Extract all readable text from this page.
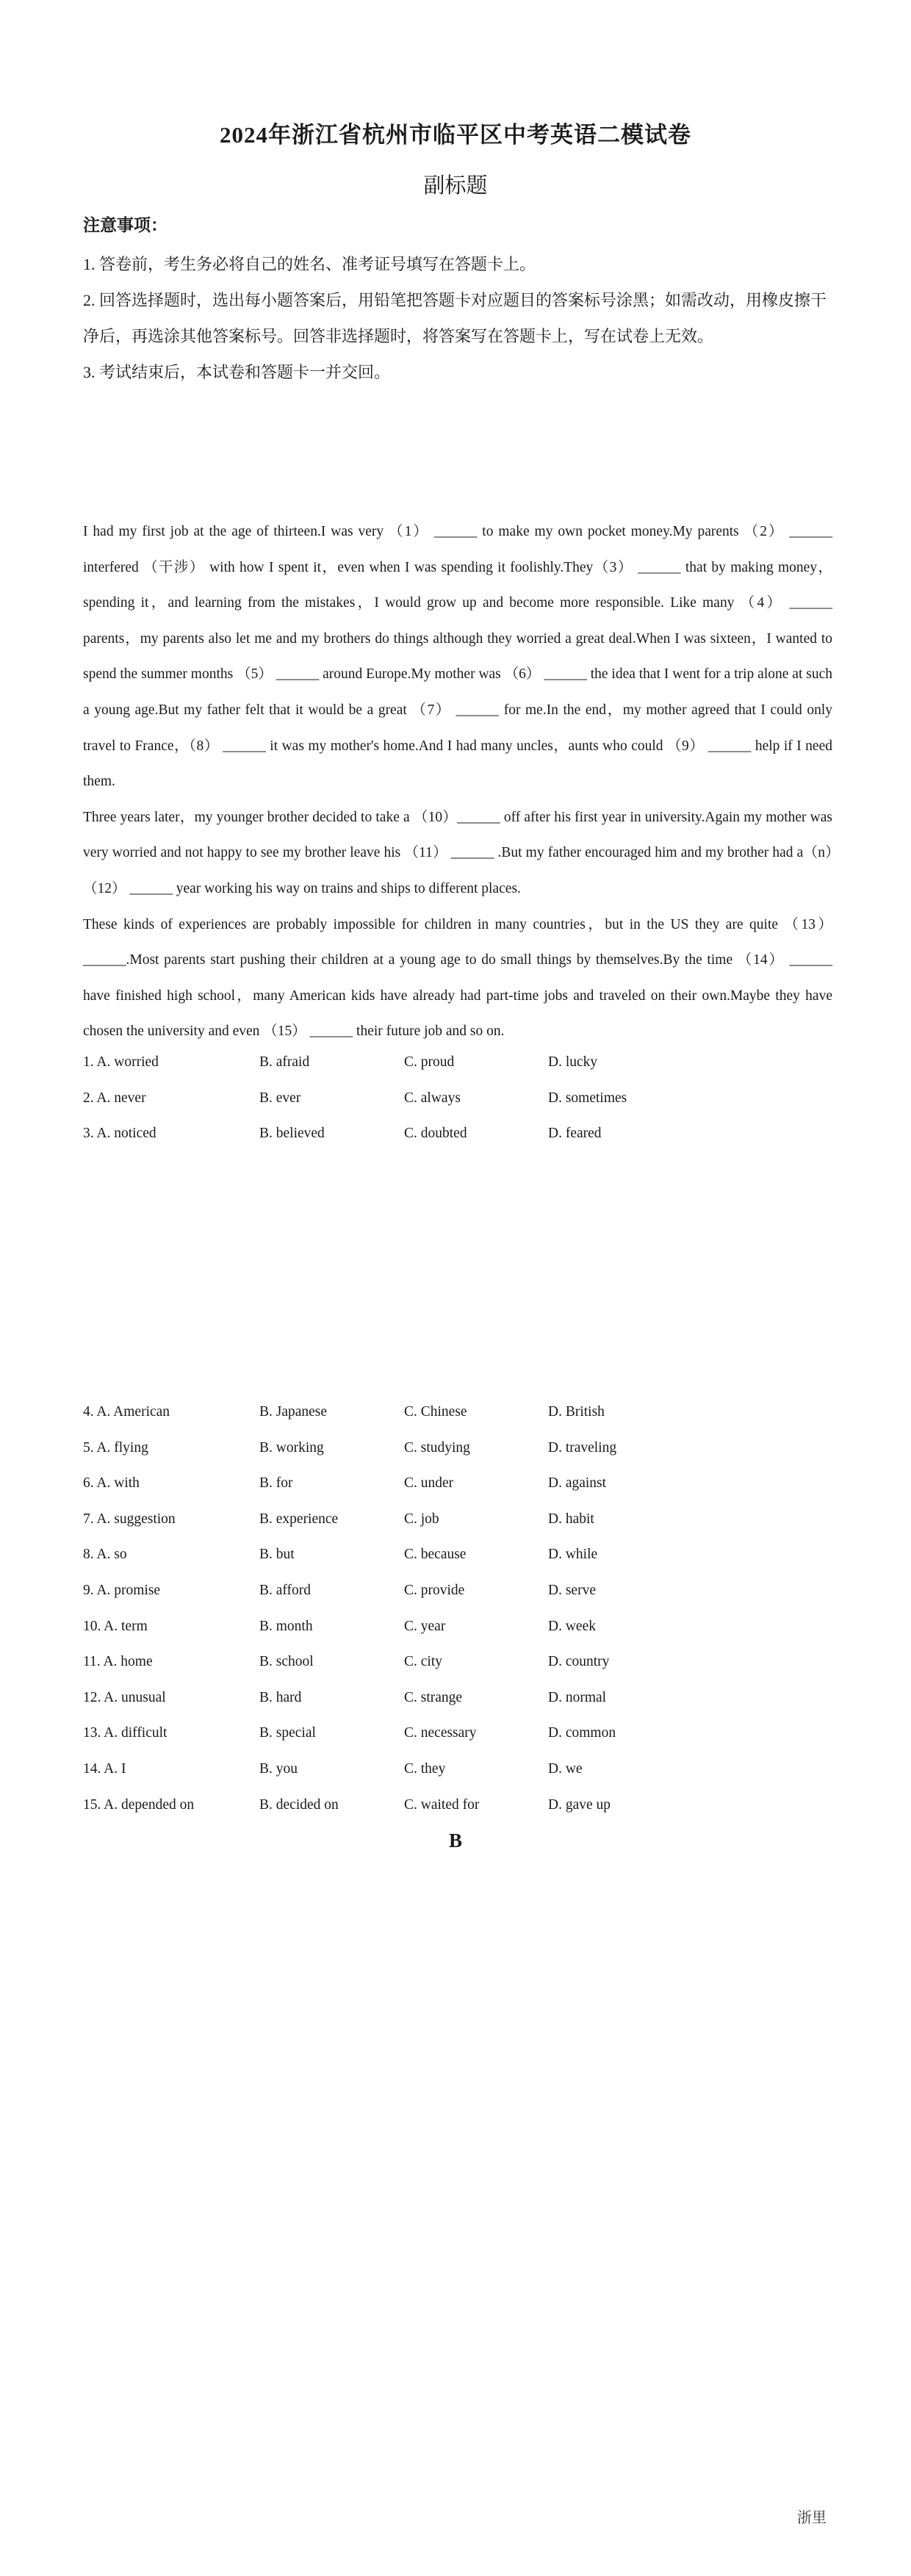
2024年浙江省杭州市临平区中考英语二模试卷
副标题
注意事项：
1. 答卷前，考生务必将自己的姓名、准考证号填写在答题卡上。
2. 回答选择题时，选出每小题答案后，用铅笔把答题卡对应题目的答案标号涂黑；如需改动，用橡皮擦干净后，再选涂其他答案标号。回答非选择题时，将答案写在答题卡上，写在试卷上无效。
3. 考试结束后，本试卷和答题卡一并交回。

I had my first job at the age of thirteen.I was very （1） ______ to make my own pocket money.My parents （2） ______ interfered （干涉） with how I spent it，even when I was spending it foolishly.They（3） ______ that by making money，spending it，and learning from the mistakes，I would grow up and become more responsible. Like many （4） ______ parents，my parents also let me and my brothers do things although they worried a great deal.When I was sixteen，I wanted to spend the summer months （5） ______ around Europe.My mother was （6） ______ the idea that I went for a trip alone at such a young age.But my father felt that it would be a great （7） ______ for me.In the end，my mother agreed that I could only travel to France，（8） ______ it was my mother's home.And I had many uncles，aunts who could （9） ______ help if I need them.

Three years later，my younger brother decided to take a （10）______ off after his first year in university.Again my mother was very worried and not happy to see my brother leave his （11） ______ .But my father encouraged him and my brother had a（n）（12） ______ year working his way on trains and ships to different places.

These kinds of experiences are probably impossible for children in many countries，but in the US they are quite （13） ______.Most parents start pushing their children at a young age to do small things by themselves.By the time （14） ______ have finished high school，many American kids have already had part-time jobs and traveled on their own.Maybe they have chosen the university and even （15） ______ their future job and so on.

1. A. worried	B. afraid	C. proud	D. lucky
2. A. never	B. ever	C. always	D. sometimes
3. A. noticed	B. believed	C. doubted	D. feared
4. A. American	B. Japanese	C. Chinese	D. British
5. A. flying	B. working	C. studying	D. traveling
6. A. with	B. for	C. under	D. against
7. A. suggestion	B. experience	C. job	D. habit
8. A. so	B. but	C. because	D. while
9. A. promise	B. afford	C. provide	D. serve
10. A. term	B. month	C. year	D. week
11. A. home	B. school	C. city	D. country
12. A. unusual	B. hard	C. strange	D. normal
13. A. difficult	B. special	C. necessary	D. common
14. A. I	B. you	C. they	D. we
15. A. depended on	B. decided on	C. waited for	D. gave up
B
浙里
